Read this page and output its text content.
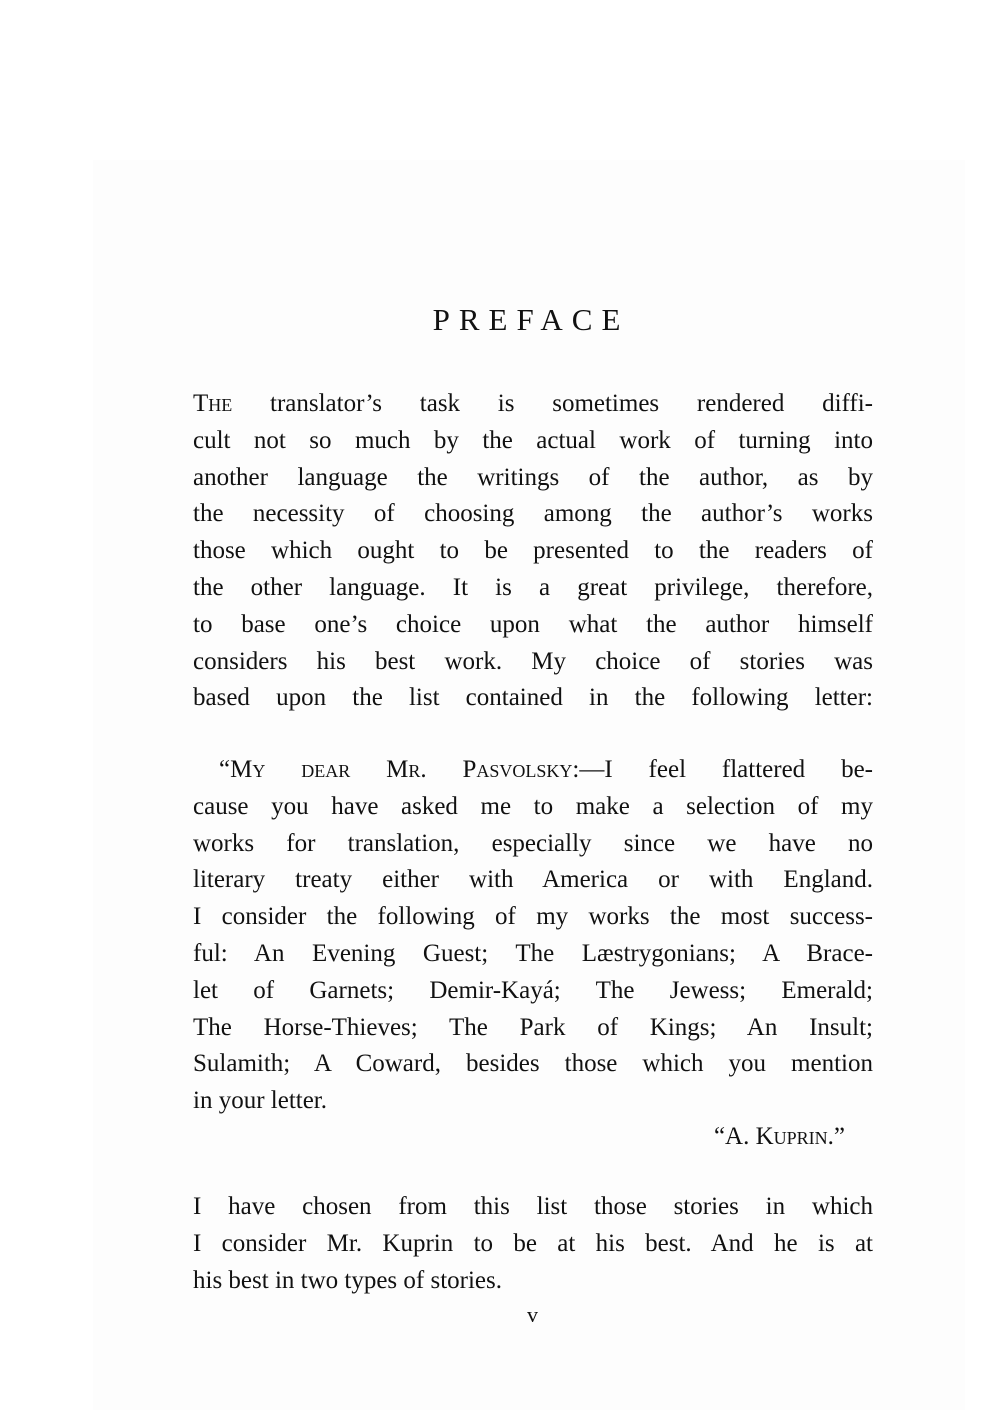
PREFACE
The translator’s task is sometimes rendered diffi-
cult not so much by the actual work of turning into
another language the writings of the author, as by
the necessity of choosing among the author’s works
those which ought to be presented to the readers of
the other language. It is a great privilege, therefore,
to base one’s choice upon what the author himself
considers his best work. My choice of stories was
based upon the list contained in the following letter:
“My dear Mr. Pasvolsky:—I feel flattered be-
cause you have asked me to make a selection of my
works for translation, especially since we have no
literary treaty either with America or with England.
I consider the following of my works the most success-
ful: An Evening Guest; The Læstrygonians; A Brace-
let of Garnets; Demir-Kayá; The Jewess; Emerald;
The Horse-Thieves; The Park of Kings; An Insult;
Sulamith; A Coward, besides those which you mention
in your letter.
“A. Kuprin.”
I have chosen from this list those stories in which
I consider Mr. Kuprin to be at his best. And he is at
his best in two types of stories.
v
